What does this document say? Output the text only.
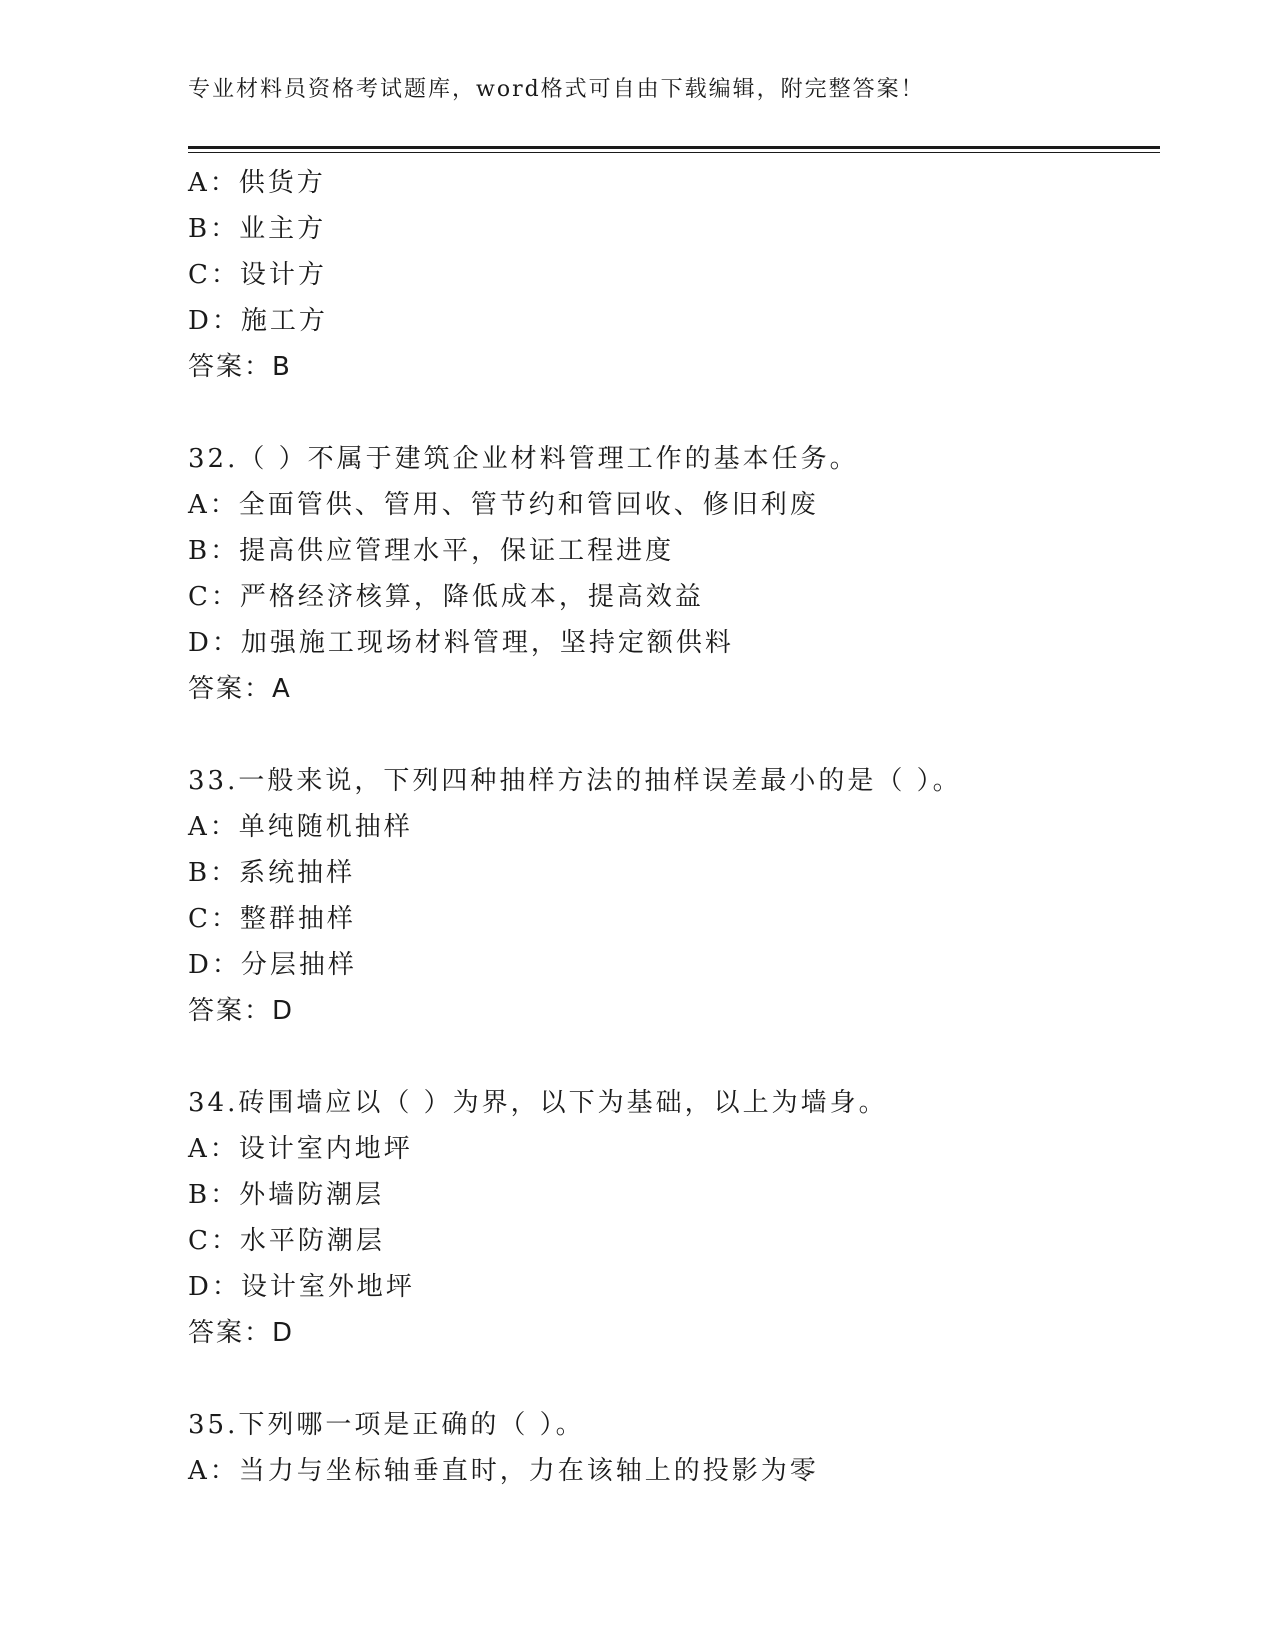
专业材料员资格考试题库，word格式可自由下载编辑，附完整答案！
A：供货方
B：业主方
C：设计方
D：施工方
答案：B
32.（ ）不属于建筑企业材料管理工作的基本任务。
A：全面管供、管用、管节约和管回收、修旧利废
B：提高供应管理水平，保证工程进度
C：严格经济核算，降低成本，提高效益
D：加强施工现场材料管理，坚持定额供料
答案：A
33.一般来说，下列四种抽样方法的抽样误差最小的是（ ）。
A：单纯随机抽样
B：系统抽样
C：整群抽样
D：分层抽样
答案：D
34.砖围墙应以（ ）为界，以下为基础，以上为墙身。
A：设计室内地坪
B：外墙防潮层
C：水平防潮层
D：设计室外地坪
答案：D
35.下列哪一项是正确的（ ）。
A：当力与坐标轴垂直时，力在该轴上的投影为零
